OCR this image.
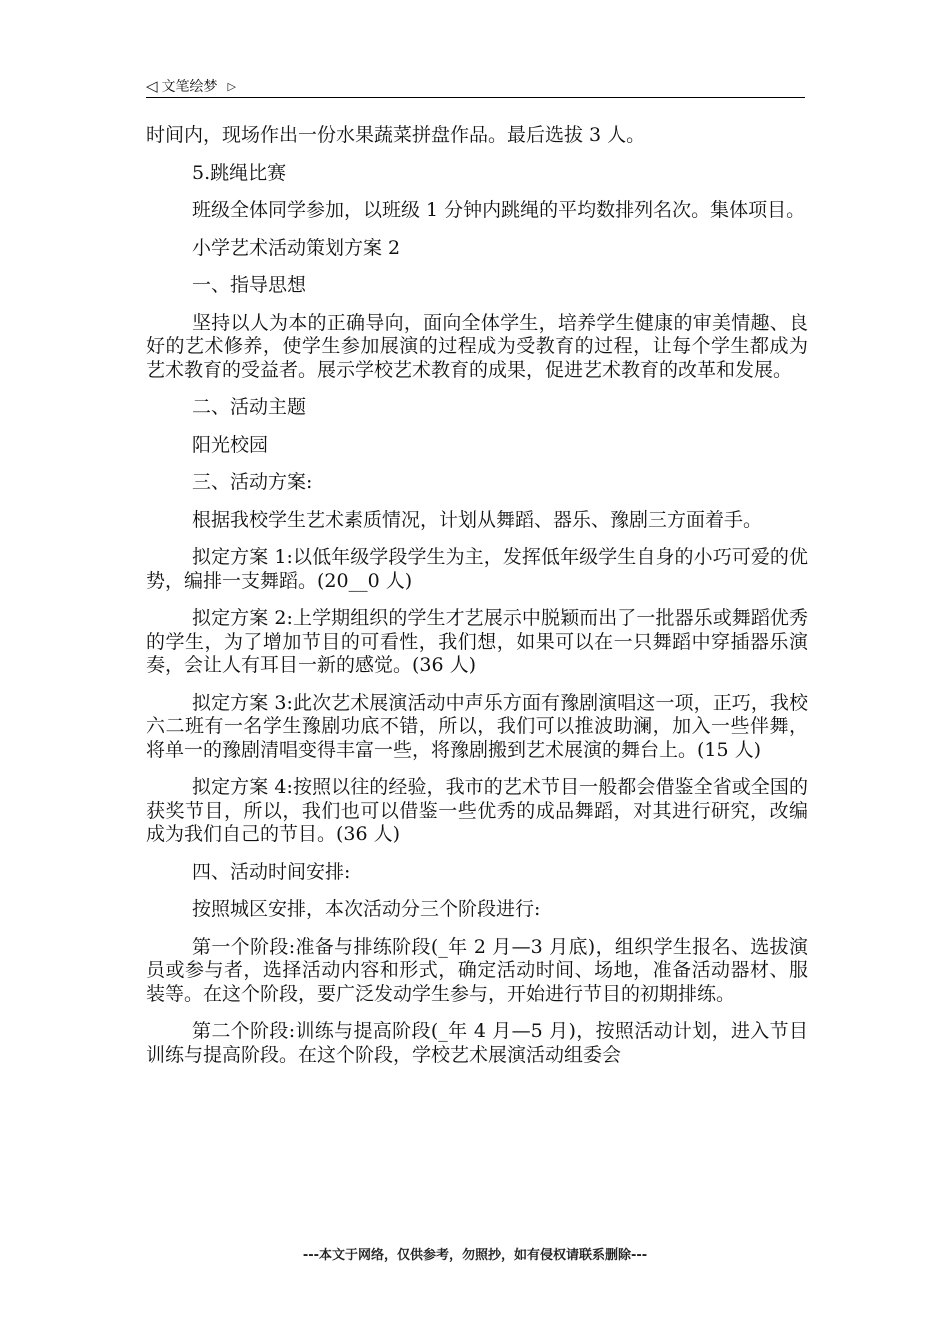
◁ 文笔绘梦 ▷

时间内，现场作出一份水果蔬菜拼盘作品。最后选拔 3 人。

5.跳绳比赛

班级全体同学参加，以班级 1 分钟内跳绳的平均数排列名次。集体项目。

小学艺术活动策划方案 2

一、指导思想

坚持以人为本的正确导向，面向全体学生，培养学生健康的审美情趣、良好的艺术修养，使学生参加展演的过程成为受教育的过程，让每个学生都成为艺术教育的受益者。展示学校艺术教育的成果，促进艺术教育的改革和发展。

二、活动主题

阳光校园

三、活动方案:

根据我校学生艺术素质情况，计划从舞蹈、器乐、豫剧三方面着手。

拟定方案 1:以低年级学段学生为主，发挥低年级学生自身的小巧可爱的优势，编排一支舞蹈。(20__0 人)

拟定方案 2:上学期组织的学生才艺展示中脱颖而出了一批器乐或舞蹈优秀的学生，为了增加节目的可看性，我们想，如果可以在一只舞蹈中穿插器乐演奏，会让人有耳目一新的感觉。(36 人)

拟定方案 3:此次艺术展演活动中声乐方面有豫剧演唱这一项，正巧，我校六二班有一名学生豫剧功底不错，所以，我们可以推波助澜，加入一些伴舞，将单一的豫剧清唱变得丰富一些，将豫剧搬到艺术展演的舞台上。(15 人)

拟定方案 4:按照以往的经验，我市的艺术节目一般都会借鉴全省或全国的获奖节目，所以，我们也可以借鉴一些优秀的成品舞蹈，对其进行研究，改编成为我们自己的节目。(36 人)

四、活动时间安排:

按照城区安排，本次活动分三个阶段进行:

第一个阶段:准备与排练阶段(_年 2 月—3 月底)，组织学生报名、选拔演员或参与者，选择活动内容和形式，确定活动时间、场地，准备活动器材、服装等。在这个阶段，要广泛发动学生参与，开始进行节目的初期排练。

第二个阶段:训练与提高阶段(_年 4 月—5 月)，按照活动计划，进入节目训练与提高阶段。在这个阶段，学校艺术展演活动组委会

---本文于网络，仅供参考，勿照抄，如有侵权请联系删除---
